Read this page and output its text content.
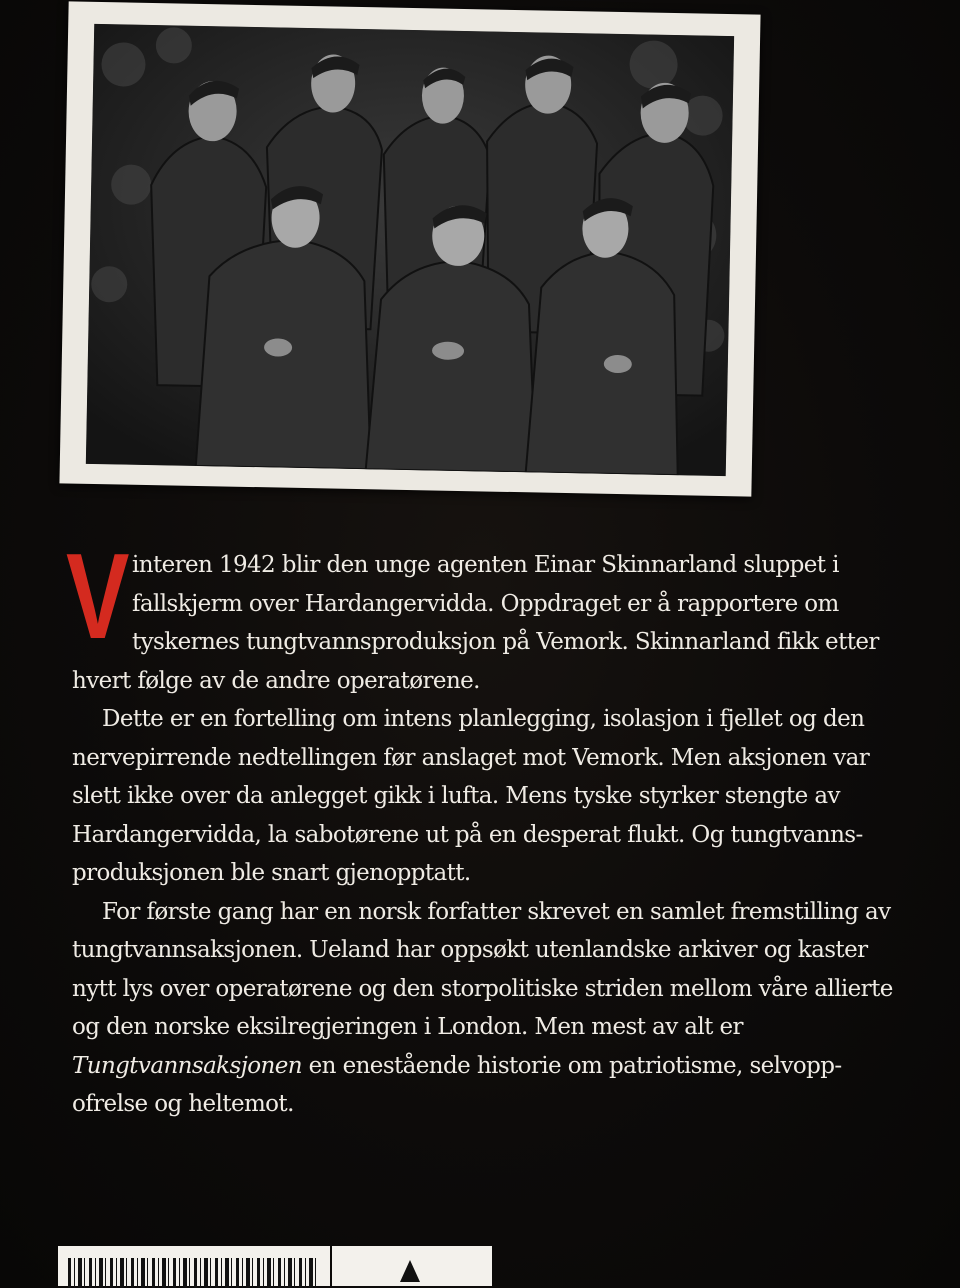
Vinteren 1942 blir den unge agenten Einar Skinnarland sluppet i fallskjerm over Hardangervidda. Oppdraget er å rapportere om tyskernes tungtvannsproduksjon på Vemork. Skinnarland fikk etter hvert følge av de andre operatørene.

Dette er en fortelling om intens planlegging, isolasjon i fjellet og den nervepirrende nedtellingen før anslaget mot Vemork. Men aksjonen var slett ikke over da anlegget gikk i lufta. Mens tyske styrker stengte av Hardangervidda, la sabotørene ut på en desperat flukt. Og tungtvannsproduksjonen ble snart gjenopptatt.

For første gang har en norsk forfatter skrevet en samlet fremstilling av tungtvannsaksjonen. Ueland har oppsøkt utenlandske arkiver og kaster nytt lys over operatørene og den storpolitiske striden mellom våre allierte og den norske eksilregjeringen i London. Men mest av alt er Tungtvannsaksjonen en enestående historie om patriotisme, selvoppofrelse og heltemot.
